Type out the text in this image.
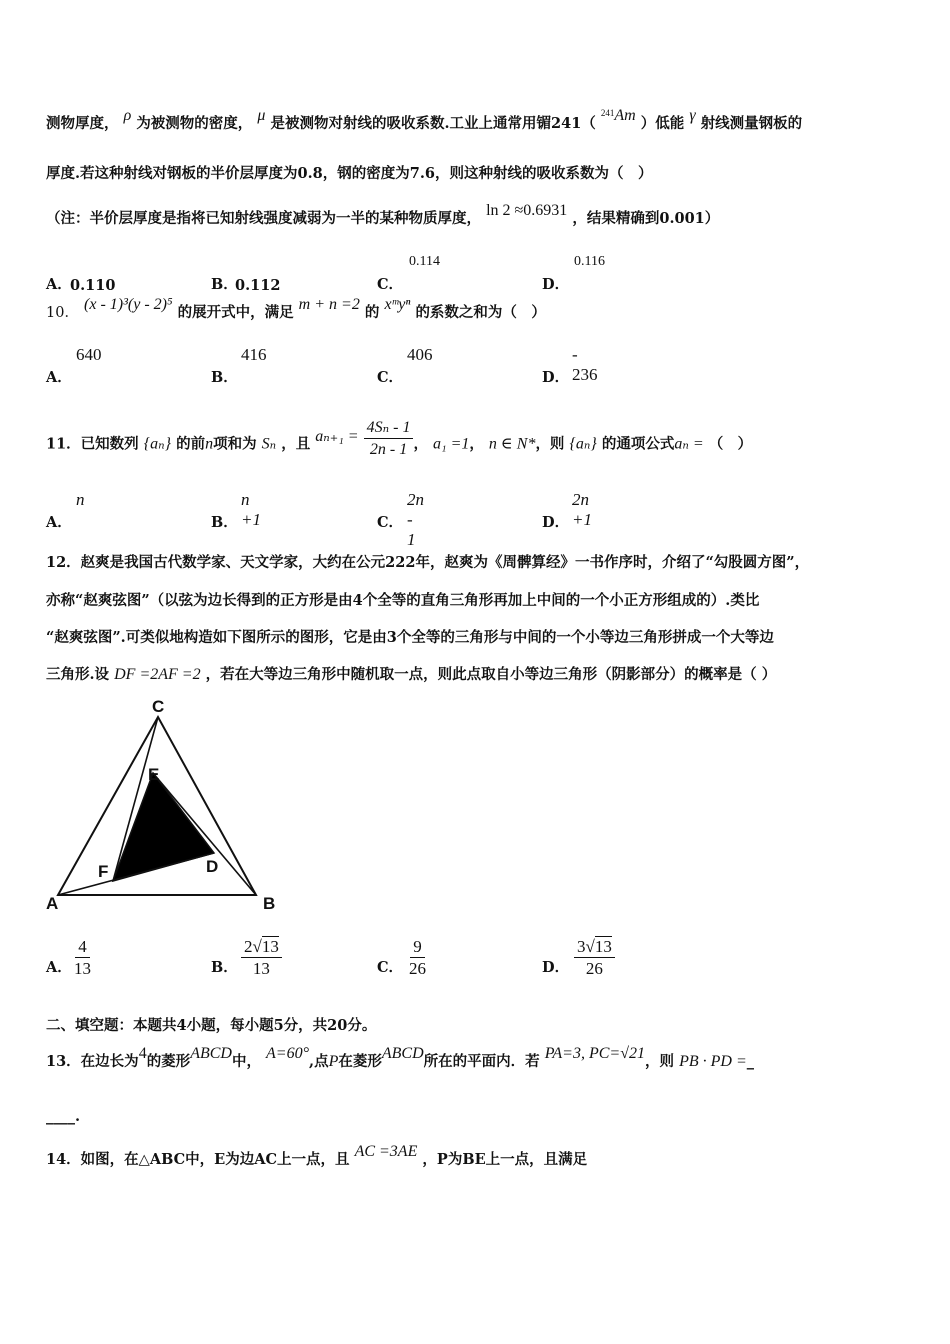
测物厚度， ρ 为被测物的密度， μ 是被测物对射线的吸收系数.工业上通常用镅241（ $^{241}$Am ）低能 γ 射线测量钢板的
厚度.若这种射线对钢板的半价层厚度为0.8，钢的密度为7.6，则这种射线的吸收系数为（　）
（注：半价层厚度是指将已知射线强度减弱为一半的某种物质厚度， ln 2 ≈0.6931 ，结果精确到0.001）
A．
0.110	B．
0.112	C．
0.114
D．
0.116
10． (x - 1)³(y - 2)⁵ 的展开式中，满足 m + n =2 的 xᵐyⁿ 的系数之和为（　）
A．
640
B．
416
C．
406
D．
- 236
11．已知数列 {aₙ} 的前n项和为 Sₙ ，且 $a_{n+1} = \frac{\text{4Sₙ - 1}}{2n - 1}$ ， a₁ =1， n ∈ N*，则 {aₙ} 的通项公式aₙ = （　）
A．
n
B．
n +1	C．
2n - 1
D．
2n +1
12．赵爽是我国古代数学家、天文学家，大约在公元222年，赵爽为《周髀算经》一书作序时，介绍了“勾股圆方图”，
亦称“赵爽弦图”（以弦为边长得到的正方形是由4个全等的直角三角形再加上中间的一个小正方形组成的）.类比
“赵爽弦图”.可类似地构造如下图所示的图形，它是由3个全等的三角形与中间的一个小等边三角形拼成一个大等边
三角形.设 DF =2AF =2 ，若在大等边三角形中随机取一点，则此点取自小等边三角形（阴影部分）的概率是（ ）
C
E
D
F
A	B
A． $\frac{4}{13}$	B． $\frac{2√13}{13}$	C． $\frac{9}{26}$	D． $\frac{3√13}{26}$
二、填空题：本题共4小题，每小题5分，共20分。
13．在边长为4的菱形ABCD中， A=60°,点P在菱形ABCD所在的平面内．若 PA=3, PC=√21，则 PB · PD =_
____.
14．如图，在△ABC中，E为边AC上一点，且 AC =3AE ，P为BE上一点，且满足
